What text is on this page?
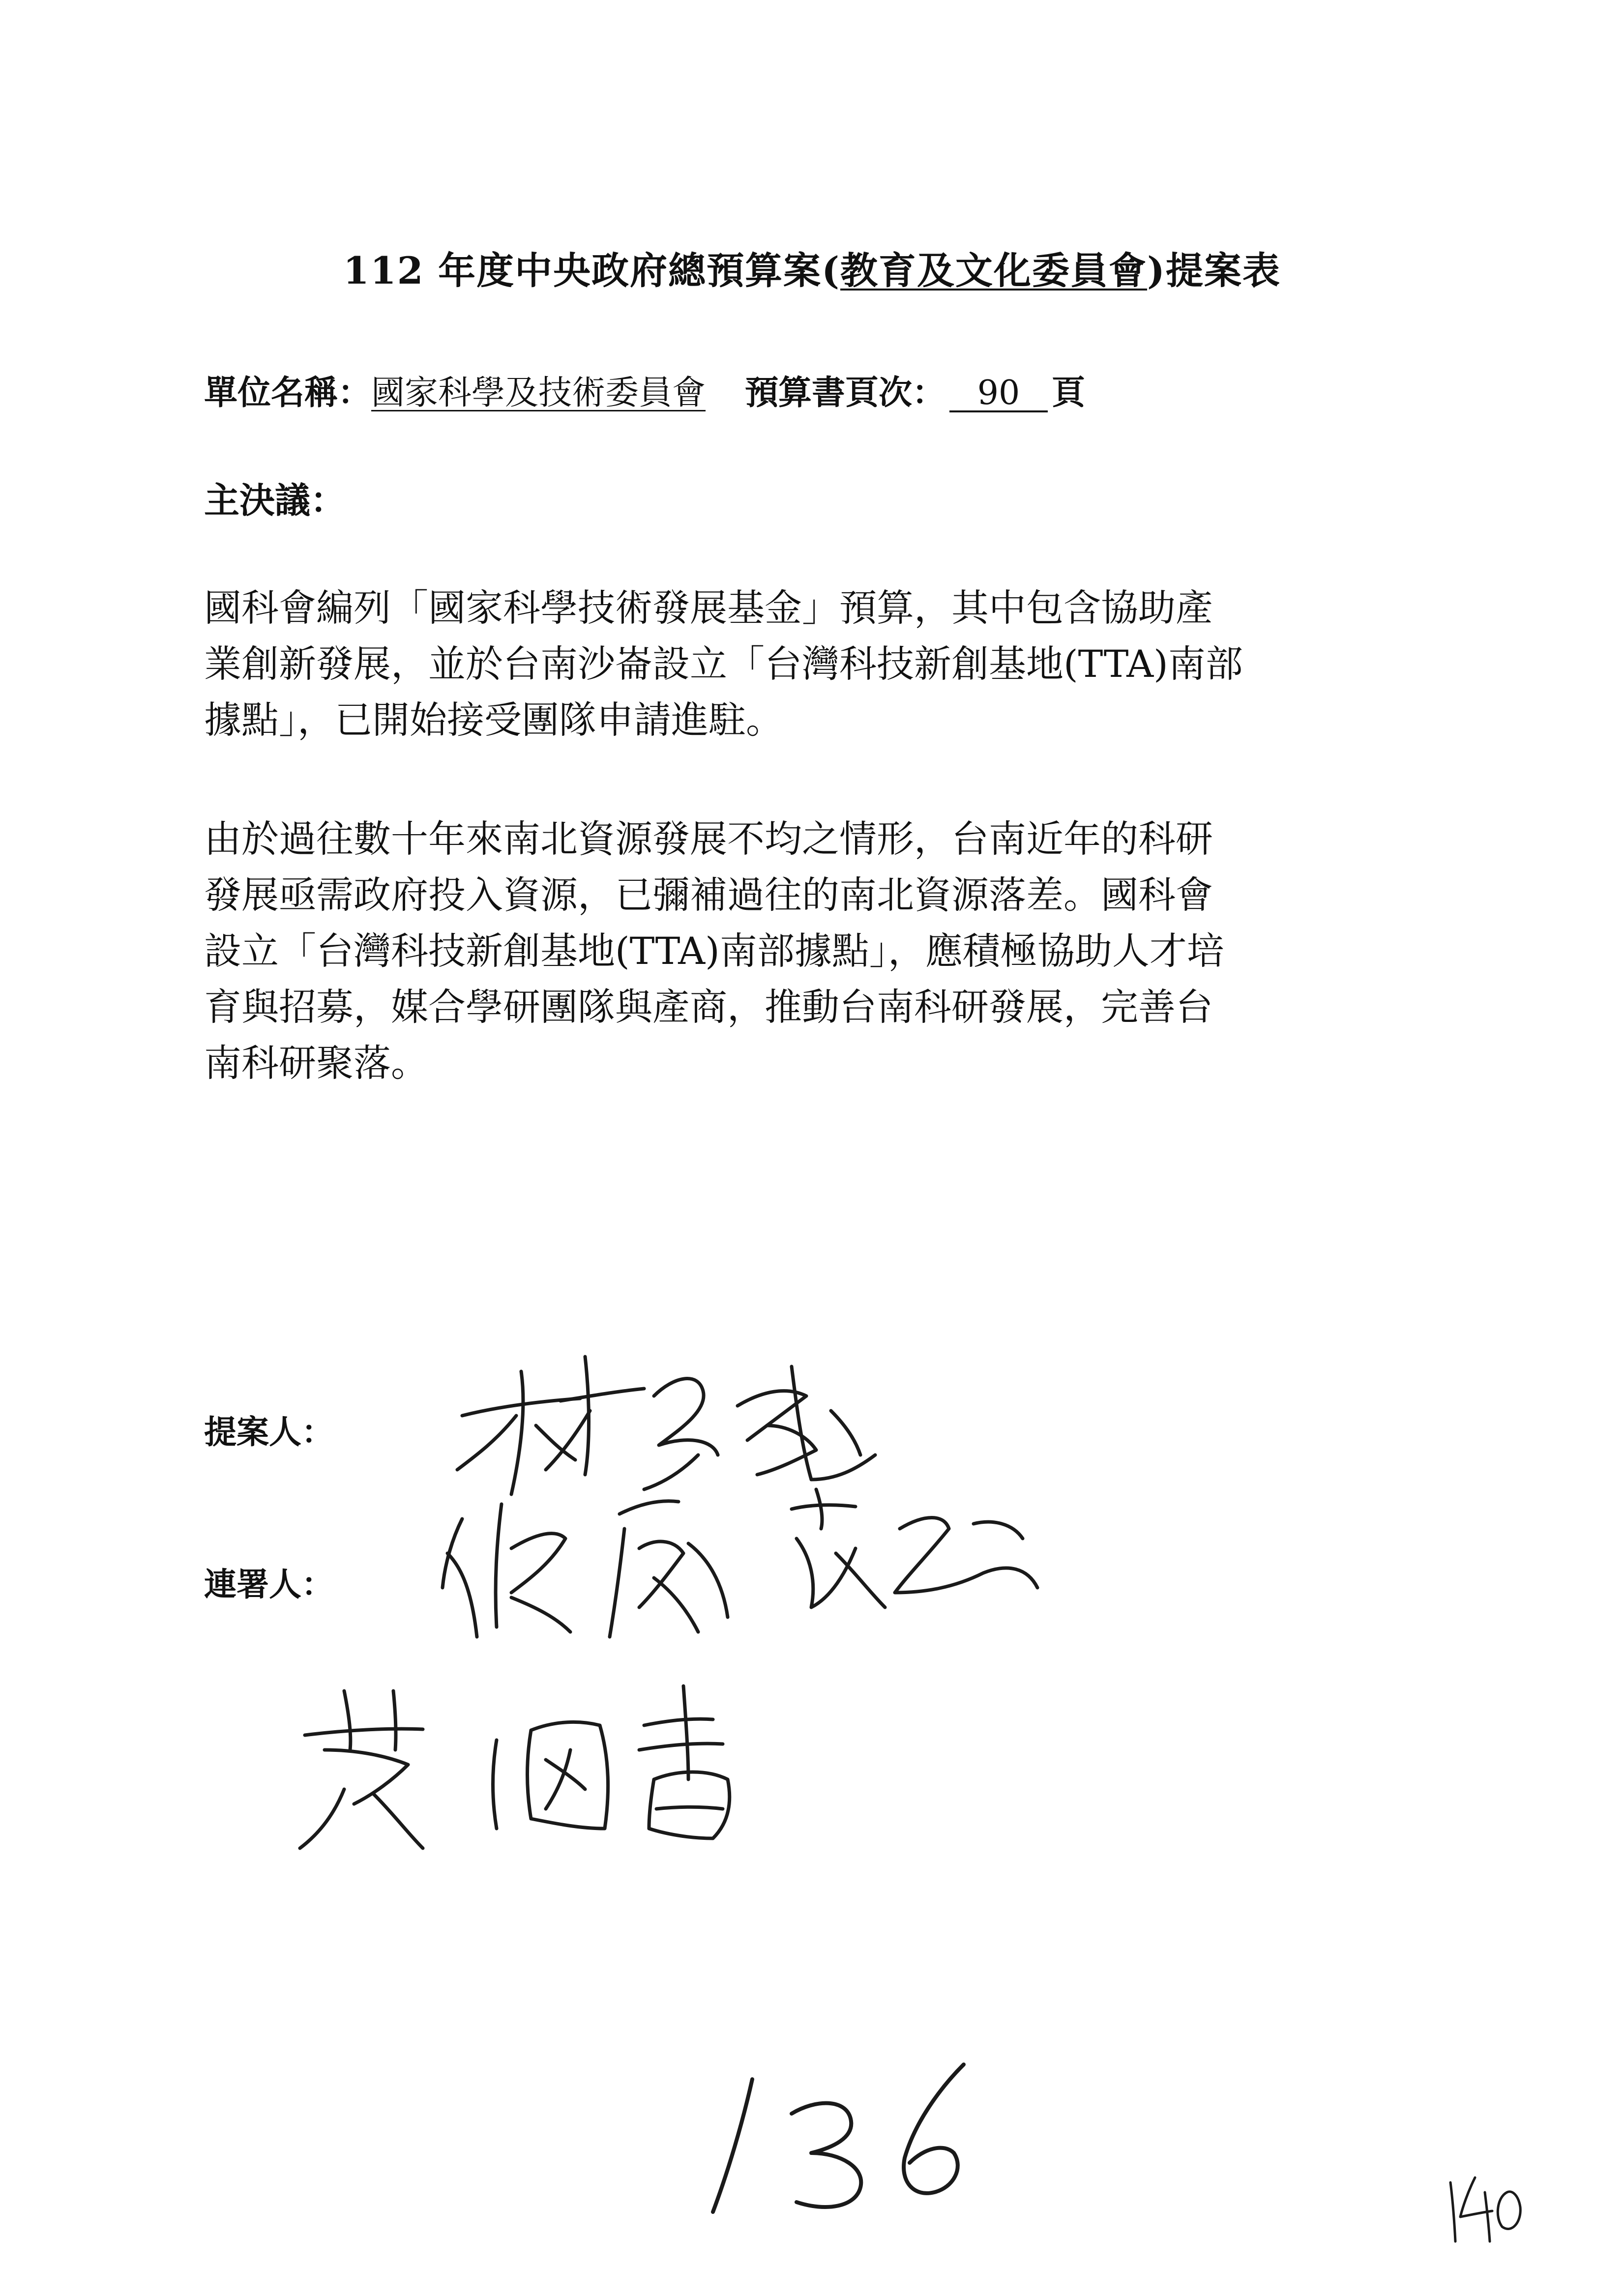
112 年度中央政府總預算案(教育及文化委員會)提案表
單位名稱：國家科學及技術委員會 預算書頁次： 90 頁
主決議：

國科會編列「國家科學技術發展基金」預算，其中包含協助產
業創新發展，並於台南沙崙設立「台灣科技新創基地(TTA)南部
據點」，已開始接受團隊申請進駐。

由於過往數十年來南北資源發展不均之情形，台南近年的科研
發展亟需政府投入資源，已彌補過往的南北資源落差。國科會
設立「台灣科技新創基地(TTA)南部據點」，應積極協助人才培
育與招募，媒合學研團隊與產商，推動台南科研發展，完善台
南科研聚落。

提案人：
連署人：
